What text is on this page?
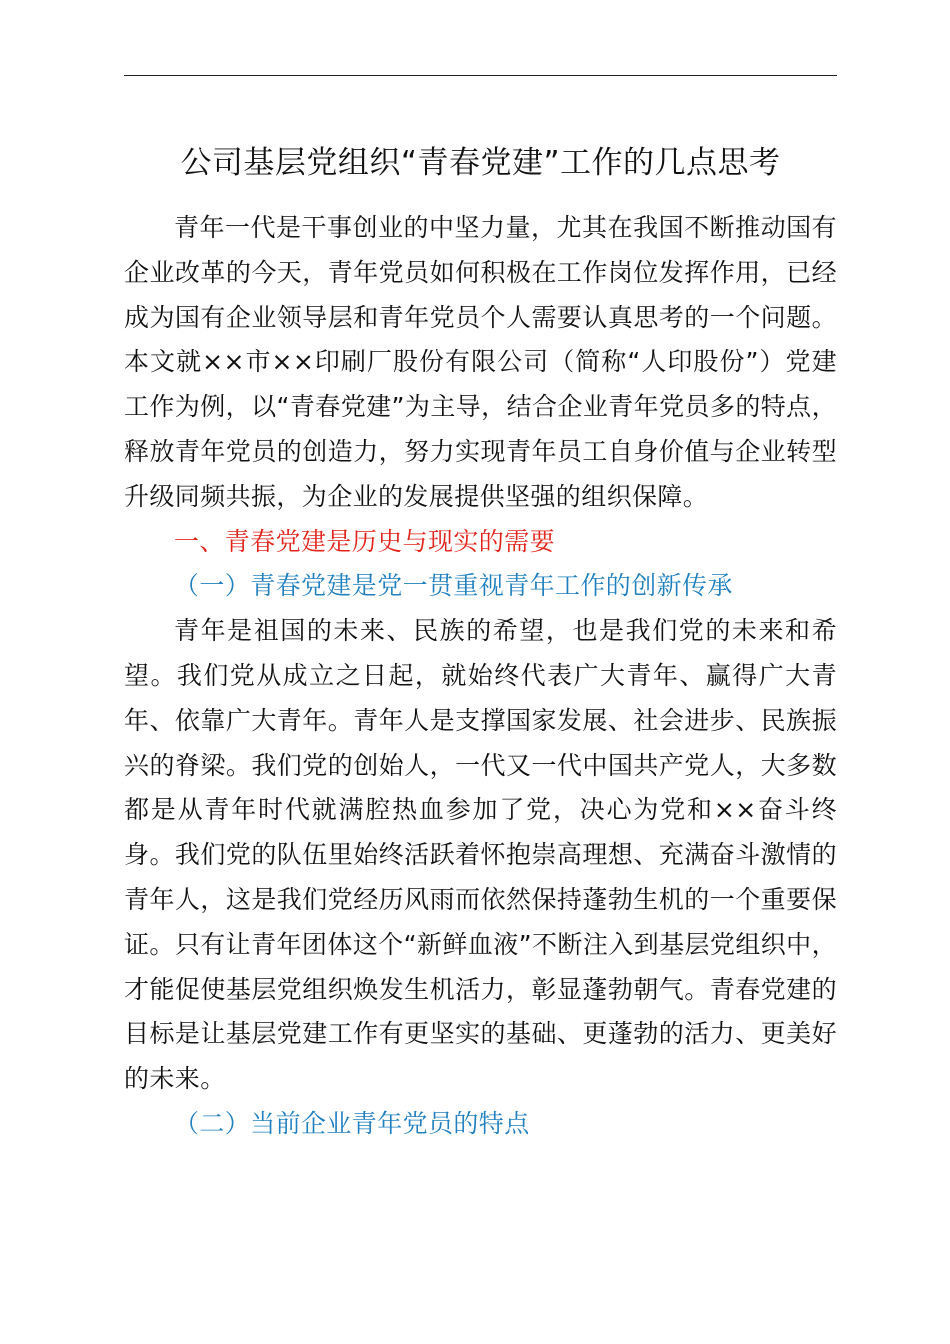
公司基层党组织“青春党建”工作的几点思考

青年一代是干事创业的中坚力量，尤其在我国不断推动国有企业改革的今天，青年党员如何积极在工作岗位发挥作用，已经成为国有企业领导层和青年党员个人需要认真思考的一个问题。本文就××市××印刷厂股份有限公司（简称“人印股份”）党建工作为例，以“青春党建”为主导，结合企业青年党员多的特点，释放青年党员的创造力，努力实现青年员工自身价值与企业转型升级同频共振，为企业的发展提供坚强的组织保障。

一、青春党建是历史与现实的需要

（一）青春党建是党一贯重视青年工作的创新传承

青年是祖国的未来、民族的希望，也是我们党的未来和希望。我们党从成立之日起，就始终代表广大青年、赢得广大青年、依靠广大青年。青年人是支撑国家发展、社会进步、民族振兴的脊梁。我们党的创始人，一代又一代中国共产党人，大多数都是从青年时代就满腔热血参加了党，决心为党和××奋斗终身。我们党的队伍里始终活跃着怀抱崇高理想、充满奋斗激情的青年人，这是我们党经历风雨而依然保持蓬勃生机的一个重要保证。只有让青年团体这个“新鲜血液”不断注入到基层党组织中，才能促使基层党组织焕发生机活力，彰显蓬勃朝气。青春党建的目标是让基层党建工作有更坚实的基础、更蓬勃的活力、更美好的未来。

（二）当前企业青年党员的特点
